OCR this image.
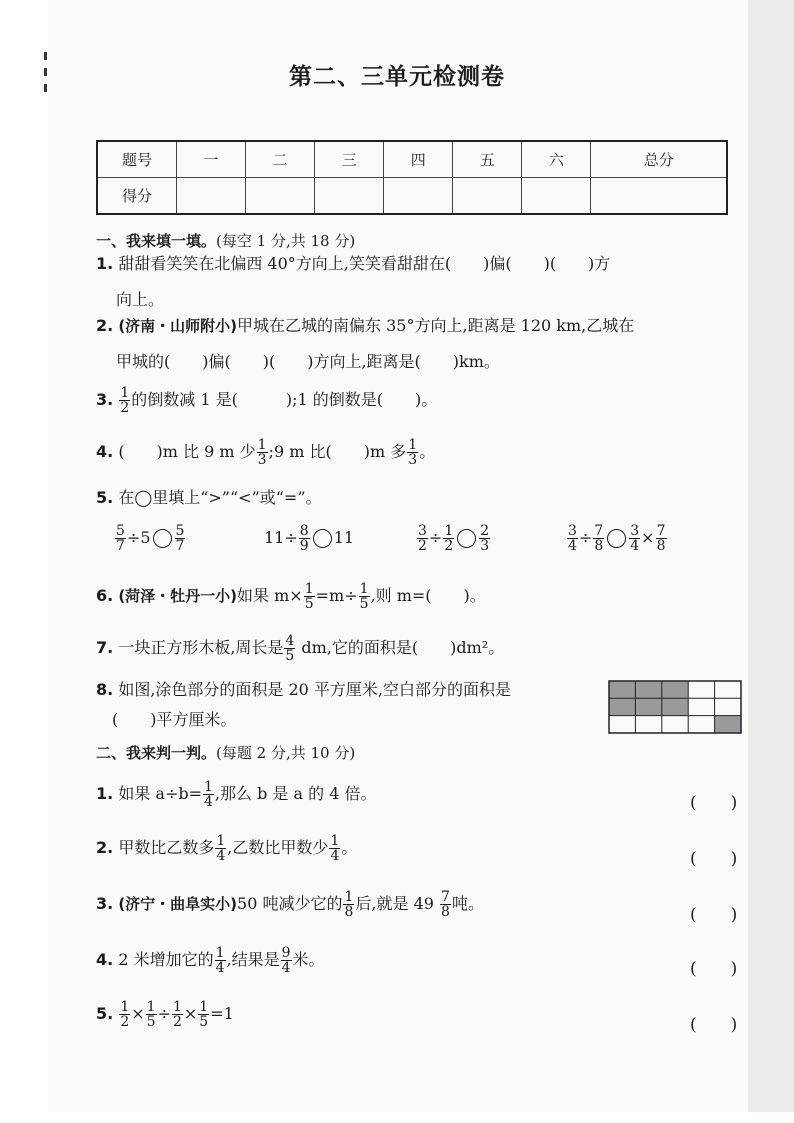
第二、三单元检测卷
题号	一	二	三	四	五	六	总分
得分							
一、我来填一填。(每空 1 分,共 18 分)
1. 甜甜看笑笑在北偏西 40°方向上,笑笑看甜甜在(　　)偏(　　)(　　)方
向上。
2. (济南・山师附小)甲城在乙城的南偏东 35°方向上,距离是 120 km,乙城在
甲城的(　　)偏(　　)(　　)方向上,距离是(　　)km。
3. $\frac{1}{2}$ 的倒数减 1 是(　　　);1 的倒数是(　　)。
4. (　　)m 比 9 m 少 $\frac{1}{3}$ ;9 m 比(　　)m 多 $\frac{1}{3}$ 。
5. 在◯里填上“>”“<”或“=”。
$\frac{5}{7} \div 5 \frac{5}{7}$	$11\div \frac{8}{9} 11$	$\frac{3}{2} \div \frac{1}{2} \frac{2}{3}$	$\frac{3}{4} \div \frac{7}{8} \frac{3}{4} \times \frac{7}{8}$
6. (菏泽・牡丹一小)如果 $m\times \frac{1}{5} =m\div \frac{1}{5}$ ,则 m=(　　)。
7. 一块正方形木板,周长是 $\frac{4}{5}$ dm,它的面积是(　　)dm²。
8. 如图,涂色部分的面积是 20 平方厘米,空白部分的面积是
(　　)平方厘米。
二、我来判一判。(每题 2 分,共 10 分)
1. 如果 $a\div b= \frac{1}{4}$ ,那么 b 是 a 的 4 倍。	(　　)
2. 甲数比乙数多 $\frac{1}{4}$ ,乙数比甲数少 $\frac{1}{4}$ 。
(　　)
3. (济宁・曲阜实小)50 吨减少它的 $\frac{1}{8}$ 后,就是 $49 \frac{7}{8}$ 吨。
(　　)
4. 2 米增加它的 $\frac{1}{4}$ ,结果是 $\frac{9}{4}$ 米。	(　　)
5. $\frac{1}{2} \times \frac{1}{5} \div \frac{1}{2} \times \frac{1}{5} =1$
(　　)
